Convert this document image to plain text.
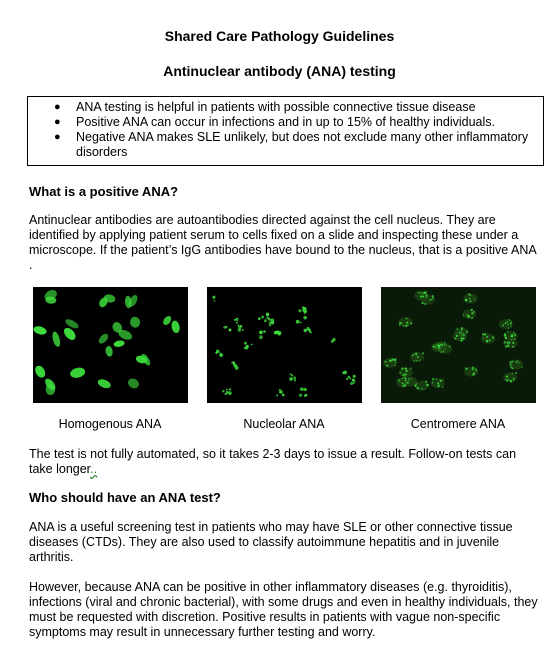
Shared Care Pathology Guidelines
Antinuclear antibody (ANA) testing
● ANA testing is helpful in patients with possible connective tissue disease
● Positive ANA can occur in infections and in up to 15% of healthy individuals.
● Negative ANA makes SLE unlikely, but does not exclude many other inflammatory disorders
What is a positive ANA?
Antinuclear antibodies are autoantibodies directed against the cell nucleus. They are identified by applying patient serum to cells fixed on a slide and inspecting these under a microscope. If the patient’s IgG antibodies have bound to the nucleus, that is a positive ANA .
Homogenous ANA	Nucleolar ANA	Centromere ANA
The test is not fully automated, so it takes 2-3 days to issue a result. Follow-on tests can take longer..
Who should have an ANA test?
ANA is a useful screening test in patients who may have SLE or other connective tissue diseases (CTDs). They are also used to classify autoimmune hepatitis and in juvenile arthritis.
However, because ANA can be positive in other inflammatory diseases (e.g. thyroiditis), infections (viral and chronic bacterial), with some drugs and even in healthy individuals, they must be requested with discretion. Positive results in patients with vague non-specific symptoms may result in unnecessary further testing and worry.
